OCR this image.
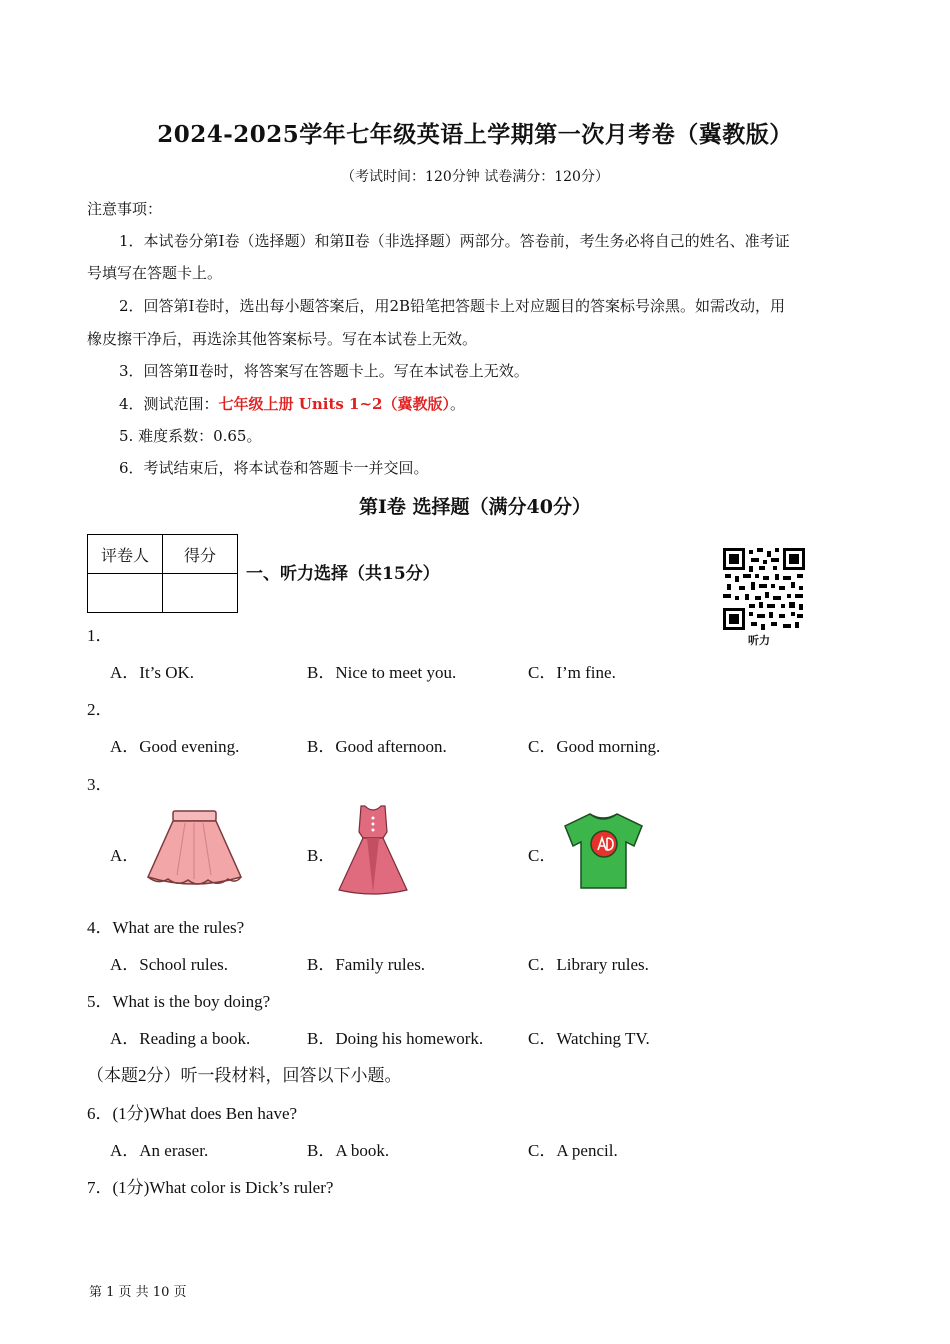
2024-2025学年七年级英语上学期第一次月考卷（冀教版）
（考试时间：120分钟 试卷满分：120分）
注意事项：
1．本试卷分第Ⅰ卷（选择题）和第Ⅱ卷（非选择题）两部分。答卷前，考生务必将自己的姓名、准考证
号填写在答题卡上。
2．回答第Ⅰ卷时，选出每小题答案后，用2B铅笔把答题卡上对应题目的答案标号涂黑。如需改动，用
橡皮擦干净后，再选涂其他答案标号。写在本试卷上无效。
3．回答第Ⅱ卷时，将答案写在答题卡上。写在本试卷上无效。
4．测试范围：七年级上册 Units 1~2（冀教版）。
5. 难度系数：0.65。
6．考试结束后，将本试卷和答题卡一并交回。
第Ⅰ卷 选择题（满分40分）
评卷人	得分

一、听力选择（共15分）
听力
1．
A．It’s OK.	B．Nice to meet you.	C．I’m fine.
2．
A．Good evening.	B．Good afternoon.	C．Good morning.
3．
A．	B．	C．
4．What are the rules?
A．School rules.	B．Family rules.	C．Library rules.
5．What is the boy doing?
A．Reading a book.	B．Doing his homework.	C．Watching TV.
（本题2分）听一段材料，回答以下小题。
6．(1分)What does Ben have?
A．An eraser.	B．A book.	C．A pencil.
7．(1分)What color is Dick’s ruler?
第 1 页 共 10 页
